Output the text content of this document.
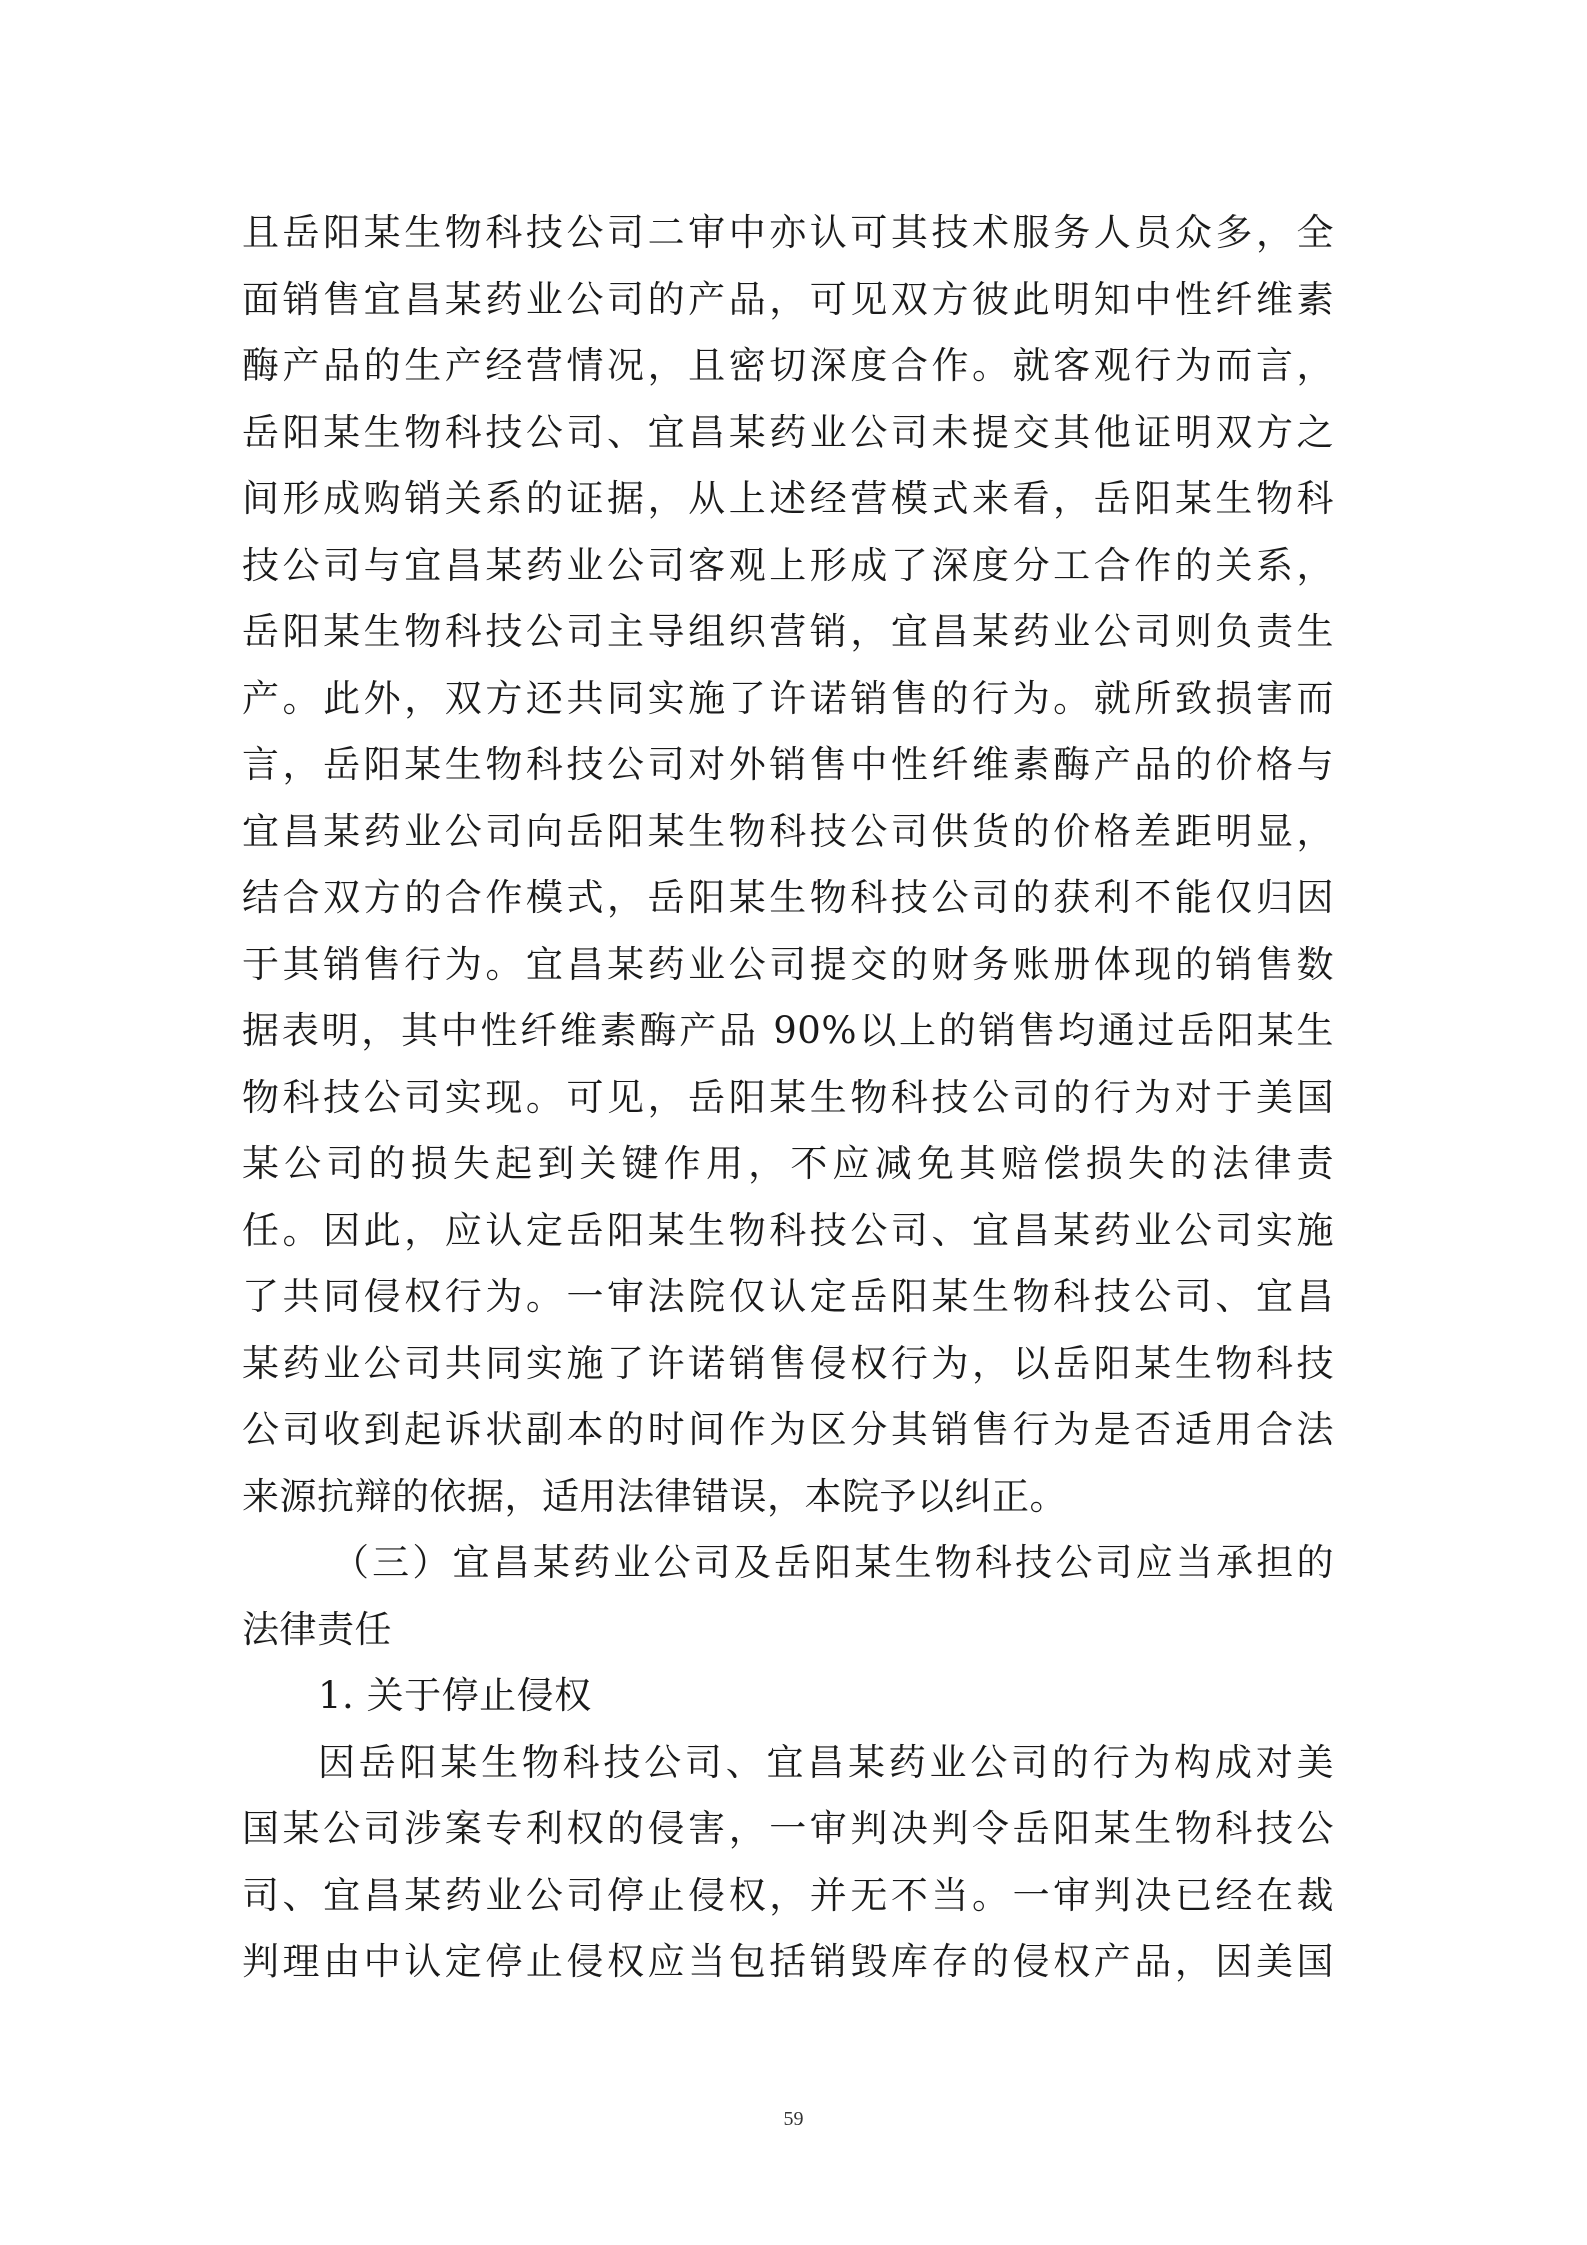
且岳阳某生物科技公司二审中亦认可其技术服务人员众多，全
面销售宜昌某药业公司的产品，可见双方彼此明知中性纤维素
酶产品的生产经营情况，且密切深度合作。就客观行为而言，
岳阳某生物科技公司、宜昌某药业公司未提交其他证明双方之
间形成购销关系的证据，从上述经营模式来看，岳阳某生物科
技公司与宜昌某药业公司客观上形成了深度分工合作的关系，
岳阳某生物科技公司主导组织营销，宜昌某药业公司则负责生
产。此外，双方还共同实施了许诺销售的行为。就所致损害而
言，岳阳某生物科技公司对外销售中性纤维素酶产品的价格与
宜昌某药业公司向岳阳某生物科技公司供货的价格差距明显，
结合双方的合作模式，岳阳某生物科技公司的获利不能仅归因
于其销售行为。宜昌某药业公司提交的财务账册体现的销售数
据表明，其中性纤维素酶产品 90%以上的销售均通过岳阳某生
物科技公司实现。可见，岳阳某生物科技公司的行为对于美国
某公司的损失起到关键作用，不应减免其赔偿损失的法律责
任。因此，应认定岳阳某生物科技公司、宜昌某药业公司实施
了共同侵权行为。一审法院仅认定岳阳某生物科技公司、宜昌
某药业公司共同实施了许诺销售侵权行为，以岳阳某生物科技
公司收到起诉状副本的时间作为区分其销售行为是否适用合法
来源抗辩的依据，适用法律错误，本院予以纠正。
（三）宜昌某药业公司及岳阳某生物科技公司应当承担的
法律责任
1. 关于停止侵权
因岳阳某生物科技公司、宜昌某药业公司的行为构成对美
国某公司涉案专利权的侵害，一审判决判令岳阳某生物科技公
司、宜昌某药业公司停止侵权，并无不当。一审判决已经在裁
判理由中认定停止侵权应当包括销毁库存的侵权产品，因美国
59
